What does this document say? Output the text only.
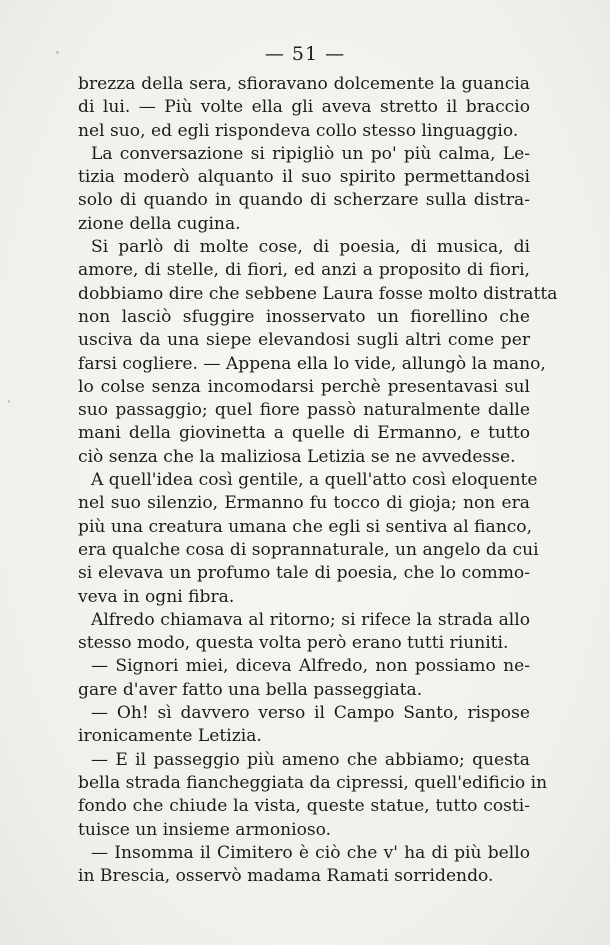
— 51 —
brezza della sera, sfioravano dolcemente la guancia
di lui. — Più volte ella gli aveva stretto il braccio
nel suo, ed egli rispondeva collo stesso linguaggio.
La conversazione si ripigliò un po' più calma, Le-
tizia moderò alquanto il suo spirito permettandosi
solo di quando in quando di scherzare sulla distra-
zione della cugina.
Si parlò di molte cose, di poesia, di musica, di
amore, di stelle, di fiori, ed anzi a proposito di fiori,
dobbiamo dire che sebbene Laura fosse molto distratta
non lasciò sfuggire inosservato un fiorellino che
usciva da una siepe elevandosi sugli altri come per
farsi cogliere. — Appena ella lo vide, allungò la mano,
lo colse senza incomodarsi perchè presentavasi sul
suo passaggio; quel fiore passò naturalmente dalle
mani della giovinetta a quelle di Ermanno, e tutto
ciò senza che la maliziosa Letizia se ne avvedesse.
A quell'idea così gentile, a quell'atto così eloquente
nel suo silenzio, Ermanno fu tocco di gioja; non era
più una creatura umana che egli si sentiva al fianco,
era qualche cosa di soprannaturale, un angelo da cui
si elevava un profumo tale di poesia, che lo commo-
veva in ogni fibra.
Alfredo chiamava al ritorno; si rifece la strada allo
stesso modo, questa volta però erano tutti riuniti.
— Signori miei, diceva Alfredo, non possiamo ne-
gare d'aver fatto una bella passeggiata.
— Oh! sì davvero verso il Campo Santo, rispose
ironicamente Letizia.
— E il passeggio più ameno che abbiamo; questa
bella strada fiancheggiata da cipressi, quell'edificio in
fondo che chiude la vista, queste statue, tutto costi-
tuisce un insieme armonioso.
— Insomma il Cimitero è ciò che v' ha di più bello
in Brescia, osservò madama Ramati sorridendo.
